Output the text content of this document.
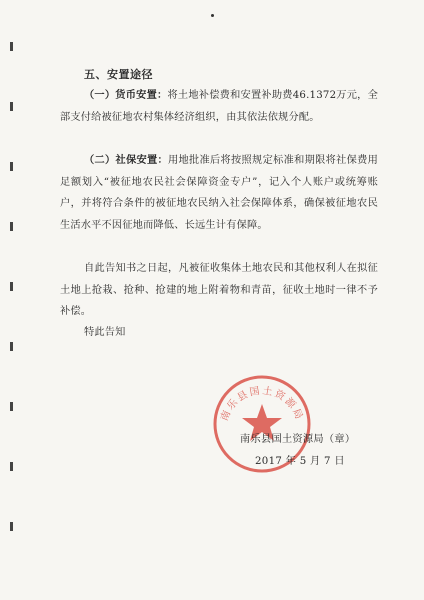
五、安置途径
（一）货币安置：将土地补偿费和安置补助费46.1372万元，全部支付给被征地农村集体经济组织，由其依法依规分配。
（二）社保安置：用地批准后将按照规定标准和期限将社保费用足额划入“被征地农民社会保障资金专户”，记入个人账户或统筹账户，并将符合条件的被征地农民纳入社会保障体系，确保被征地农民生活水平不因征地而降低、长远生计有保障。
自此告知书之日起，凡被征收集体土地农民和其他权利人在拟征土地上抢栽、抢种、抢建的地上附着物和青苗，征收土地时一律不予补偿。
特此告知
南乐县国土资源局
南乐县国土资源局（章）
2017 年 5 月 7 日
